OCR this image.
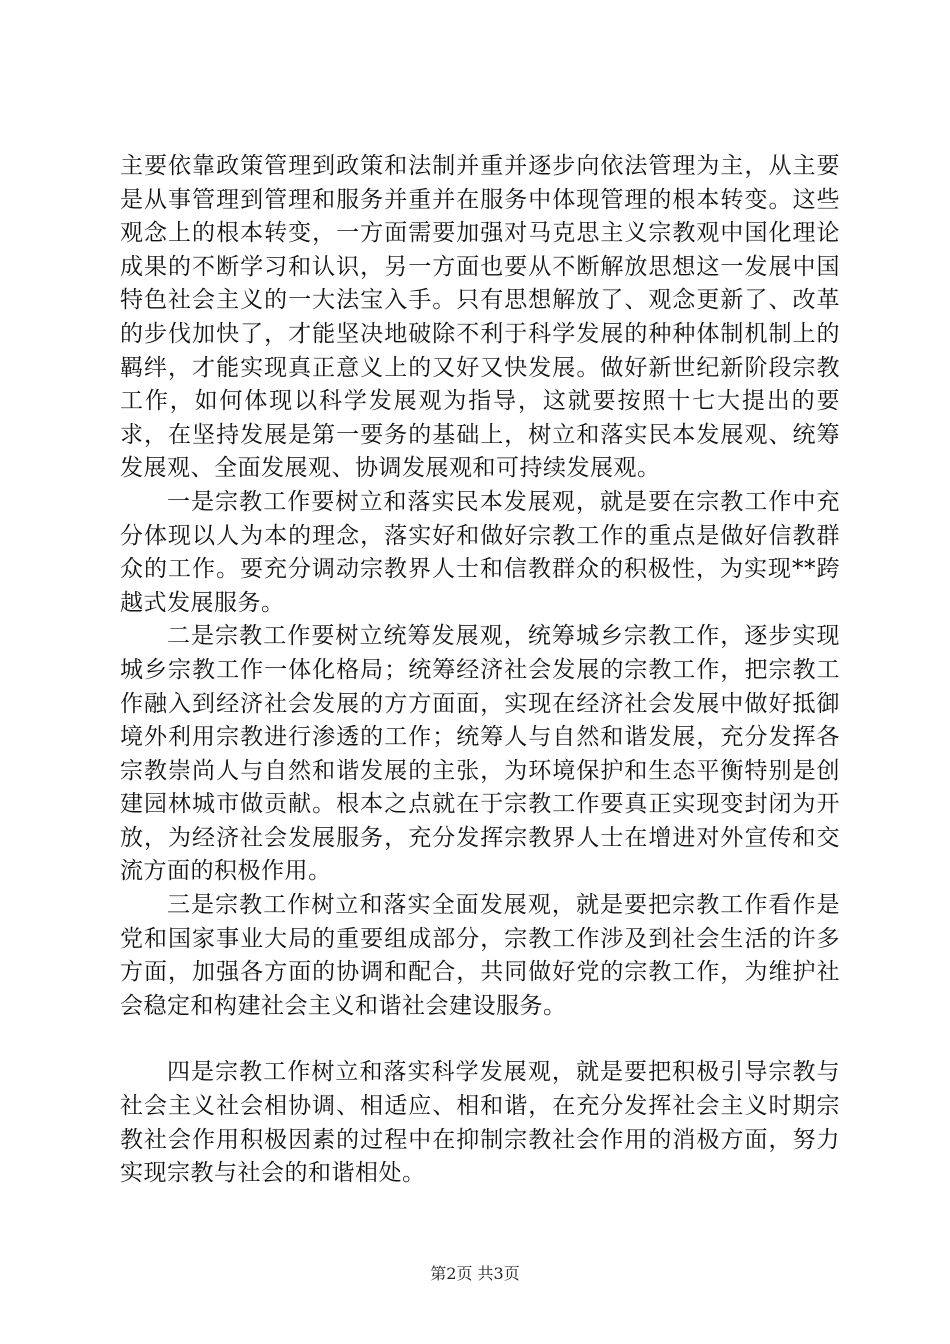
主要依靠政策管理到政策和法制并重并逐步向依法管理为主，从主要是从事管理到管理和服务并重并在服务中体现管理的根本转变。这些观念上的根本转变，一方面需要加强对马克思主义宗教观中国化理论成果的不断学习和认识，另一方面也要从不断解放思想这一发展中国特色社会主义的一大法宝入手。只有思想解放了、观念更新了、改革的步伐加快了，才能坚决地破除不利于科学发展的种种体制机制上的羁绊，才能实现真正意义上的又好又快发展。做好新世纪新阶段宗教工作，如何体现以科学发展观为指导，这就要按照十七大提出的要求，在坚持发展是第一要务的基础上，树立和落实民本发展观、统筹发展观、全面发展观、协调发展观和可持续发展观。

一是宗教工作要树立和落实民本发展观，就是要在宗教工作中充分体现以人为本的理念，落实好和做好宗教工作的重点是做好信教群众的工作。要充分调动宗教界人士和信教群众的积极性，为实现**跨越式发展服务。

二是宗教工作要树立统筹发展观，统筹城乡宗教工作，逐步实现城乡宗教工作一体化格局；统筹经济社会发展的宗教工作，把宗教工作融入到经济社会发展的方方面面，实现在经济社会发展中做好抵御境外利用宗教进行渗透的工作；统筹人与自然和谐发展，充分发挥各宗教崇尚人与自然和谐发展的主张，为环境保护和生态平衡特别是创建园林城市做贡献。根本之点就在于宗教工作要真正实现变封闭为开放，为经济社会发展服务，充分发挥宗教界人士在增进对外宣传和交流方面的积极作用。

三是宗教工作树立和落实全面发展观，就是要把宗教工作看作是党和国家事业大局的重要组成部分，宗教工作涉及到社会生活的许多方面，加强各方面的协调和配合，共同做好党的宗教工作，为维护社会稳定和构建社会主义和谐社会建设服务。

四是宗教工作树立和落实科学发展观，就是要把积极引导宗教与社会主义社会相协调、相适应、相和谐，在充分发挥社会主义时期宗教社会作用积极因素的过程中在抑制宗教社会作用的消极方面，努力实现宗教与社会的和谐相处。

第2页 共3页
